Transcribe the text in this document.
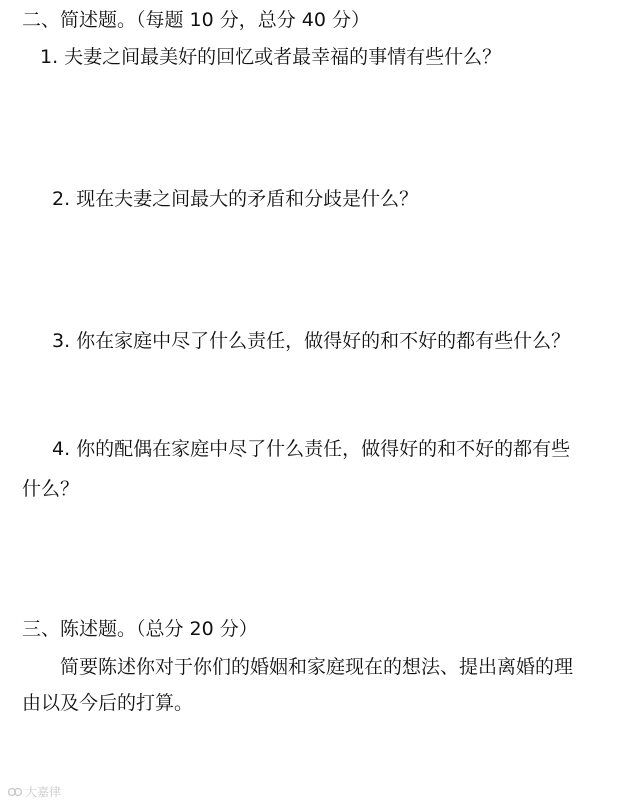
二、简述题。（每题 10 分，总分 40 分）
1. 夫妻之间最美好的回忆或者最幸福的事情有些什么？
2. 现在夫妻之间最大的矛盾和分歧是什么？
3. 你在家庭中尽了什么责任，做得好的和不好的都有些什么？
4. 你的配偶在家庭中尽了什么责任，做得好的和不好的都有些
什么？
三、陈述题。（总分 20 分）
简要陈述你对于你们的婚姻和家庭现在的想法、提出离婚的理
由以及今后的打算。
大嘉律
